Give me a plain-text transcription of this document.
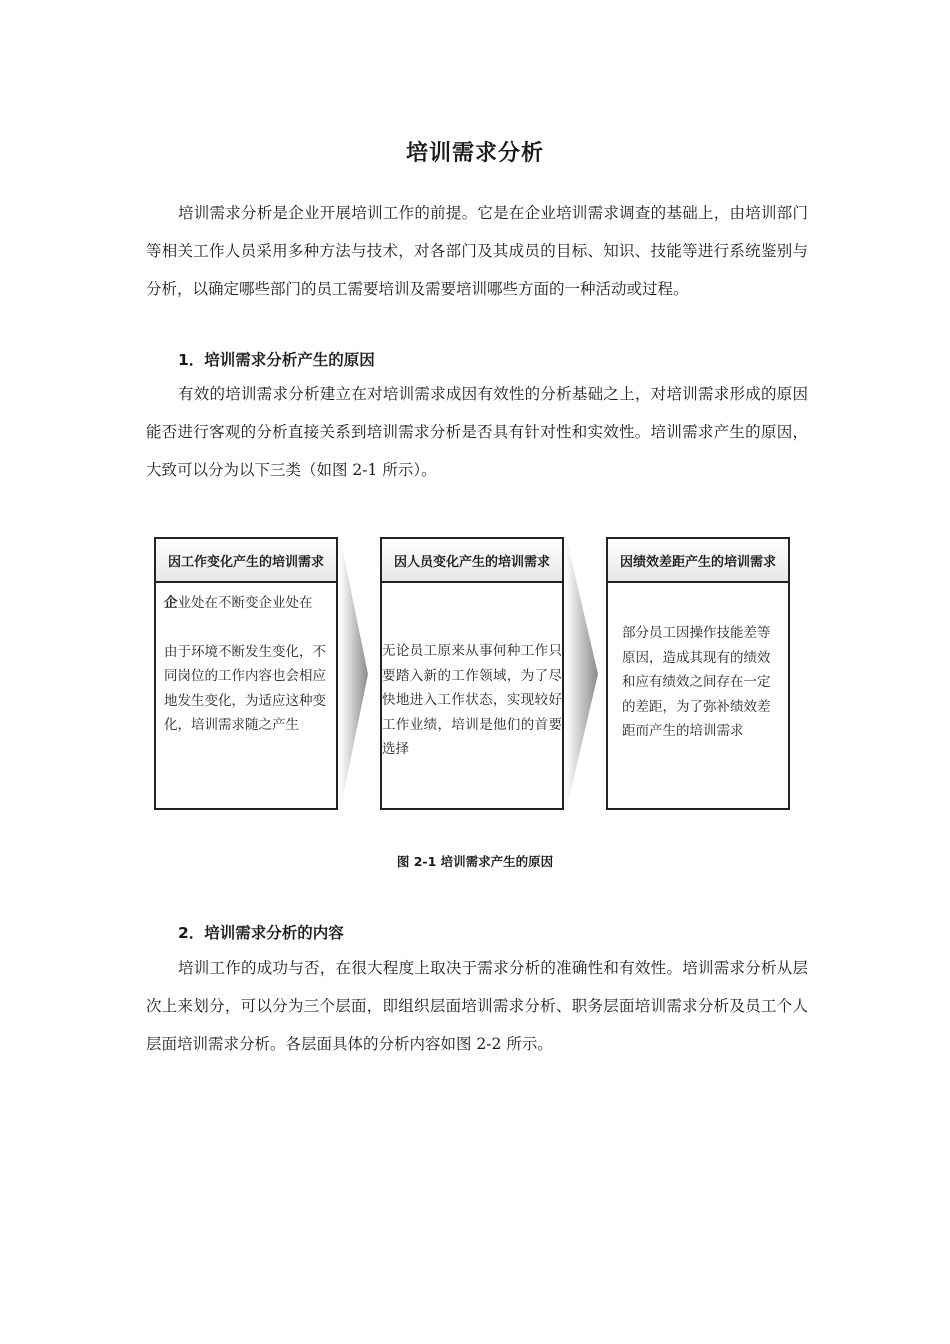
培训需求分析

培训需求分析是企业开展培训工作的前提。它是在企业培训需求调查的基础上，由培训部门等相关工作人员采用多种方法与技术，对各部门及其成员的目标、知识、技能等进行系统鉴别与分析，以确定哪些部门的员工需要培训及需要培训哪些方面的一种活动或过程。

1．培训需求分析产生的原因

有效的培训需求分析建立在对培训需求成因有效性的分析基础之上，对培训需求形成的原因能否进行客观的分析直接关系到培训需求分析是否具有针对性和实效性。培训需求产生的原因，大致可以分为以下三类（如图 2-1 所示）。

因工作变化产生的培训需求

企业处在不断变企业处在

由于环境不断发生变化，不同岗位的工作内容也会相应地发生变化，为适应这种变化，培训需求随之产生

因人员变化产生的培训需求
无论员工原来从事何种工作只要踏入新的工作领域，为了尽快地进入工作状态，实现较好工作业绩，培训是他们的首要选择
因绩效差距产生的培训需求
部分员工因操作技能差等原因，造成其现有的绩效和应有绩效之间存在一定的差距，为了弥补绩效差距而产生的培训需求
图 2-1 培训需求产生的原因
2．培训需求分析的内容

培训工作的成功与否，在很大程度上取决于需求分析的准确性和有效性。培训需求分析从层次上来划分，可以分为三个层面，即组织层面培训需求分析、职务层面培训需求分析及员工个人层面培训需求分析。各层面具体的分析内容如图 2-2 所示。
